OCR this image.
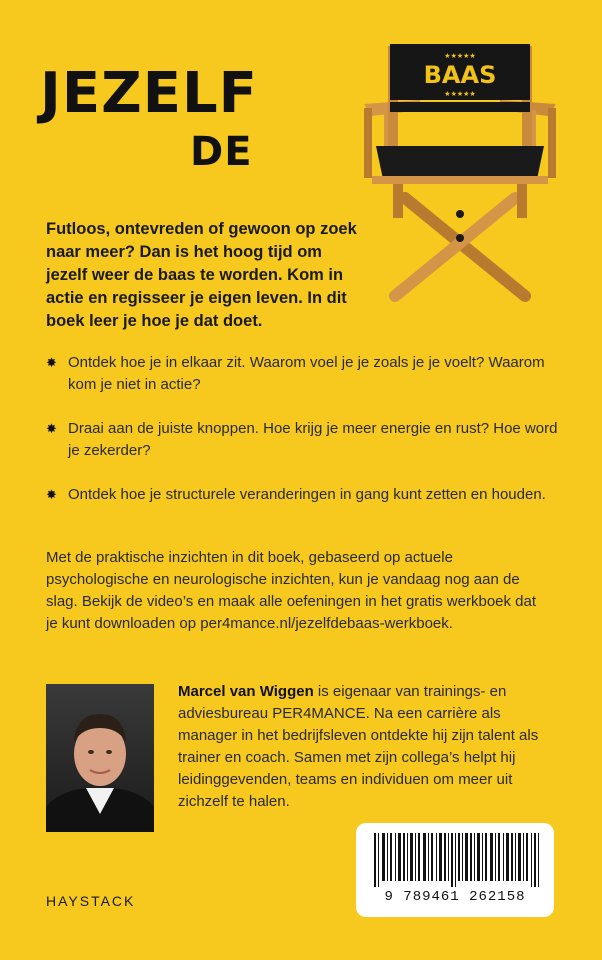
JEZELF
DE
★★★★★
BAAS
★★★★★
Futloos, ontevreden of gewoon op zoek naar meer? Dan is het hoog tijd om jezelf weer de baas te worden. Kom in actie en regisseer je eigen leven. In dit boek leer je hoe je dat doet.
✸ Ontdek hoe je in elkaar zit. Waarom voel je je zoals je je voelt? Waarom kom je niet in actie?
✸ Draai aan de juiste knoppen. Hoe krijg je meer energie en rust? Hoe word je zekerder?
✸ Ontdek hoe je structurele veranderingen in gang kunt zetten en houden.
Met de praktische inzichten in dit boek, gebaseerd op actuele psychologische en neurologische inzichten, kun je vandaag nog aan de slag. Bekijk de video’s en maak alle oefeningen in het gratis werkboek dat je kunt downloaden op per4mance.nl/jezelfdebaas-werkboek.
Marcel van Wiggen is eigenaar van trainings- en adviesbureau PER4MANCE. Na een carrière als manager in het bedrijfsleven ontdekte hij zijn talent als trainer en coach. Samen met zijn collega’s helpt hij leidinggevenden, teams en individuen om meer uit zichzelf te halen.
HAYSTACK	9 789461 262158
